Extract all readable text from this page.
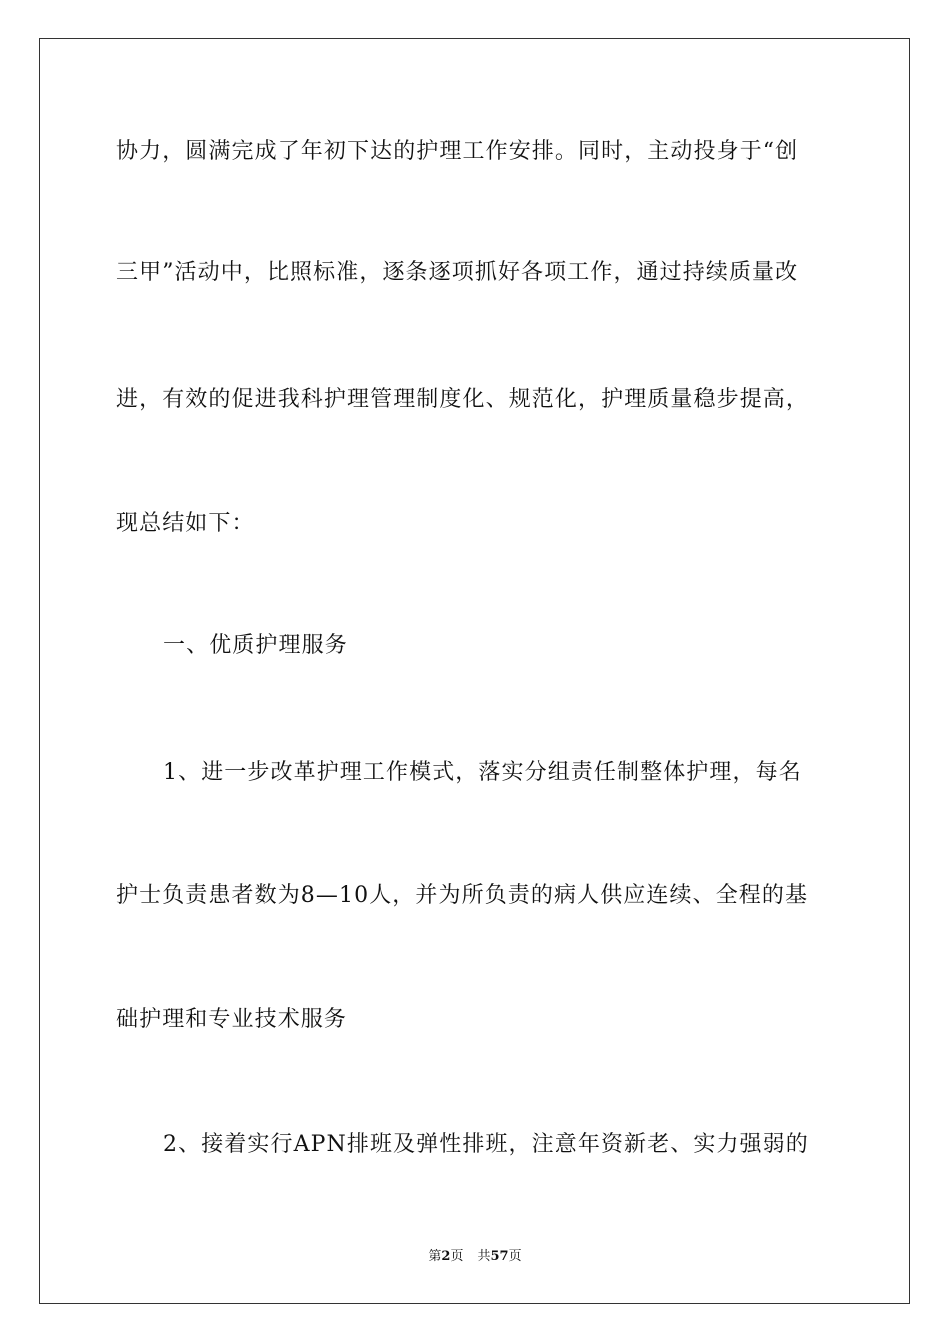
协力，圆满完成了年初下达的护理工作安排。同时，主动投身于“创
三甲”活动中，比照标准，逐条逐项抓好各项工作，通过持续质量改
进，有效的促进我科护理管理制度化、规范化，护理质量稳步提高，
现总结如下：
一、优质护理服务
1、进一步改革护理工作模式，落实分组责任制整体护理，每名
护士负责患者数为8—10人，并为所负责的病人供应连续、全程的基
础护理和专业技术服务
2、接着实行APN排班及弹性排班，注意年资新老、实力强弱的
第2页 共57页
